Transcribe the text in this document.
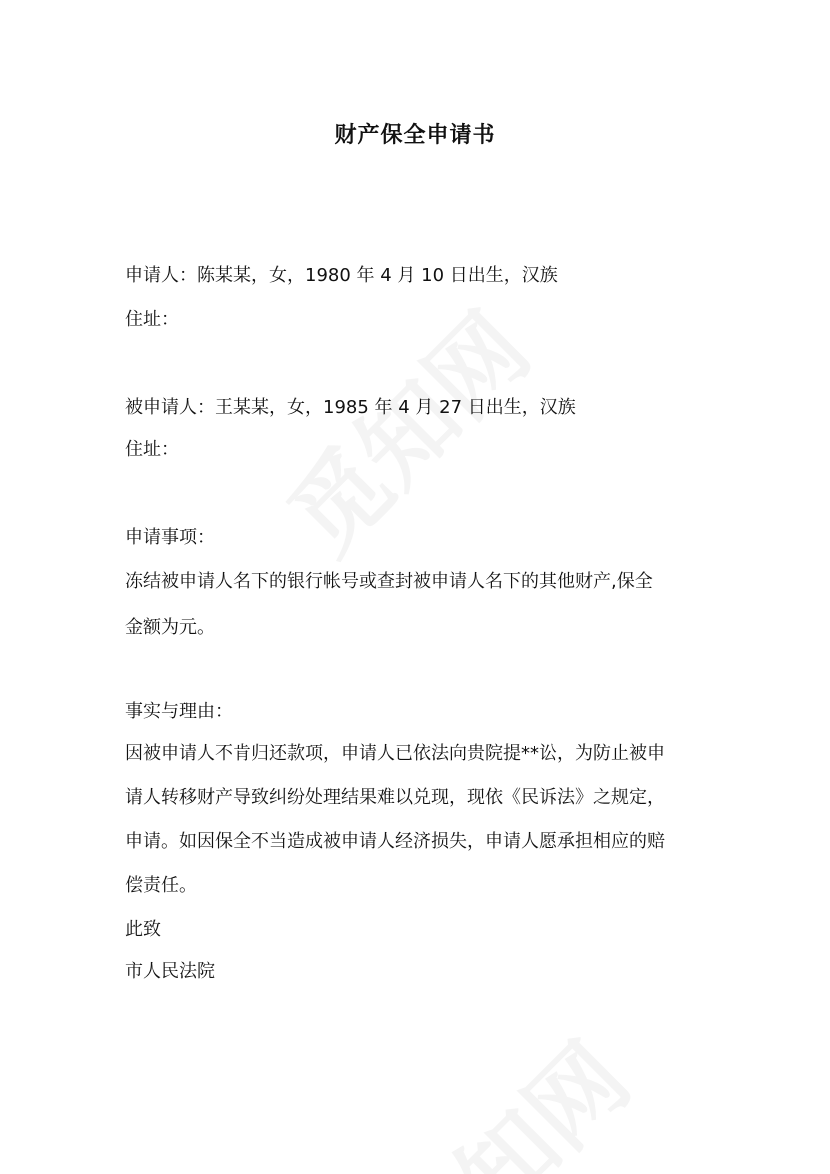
财产保全申请书
申请人：陈某某，女，1980 年 4 月 10 日出生，汉族
住址：
被申请人：王某某，女，1985 年 4 月 27 日出生，汉族
住址：
申请事项：
冻结被申请人名下的银行帐号或查封被申请人名下的其他财产,保全
金额为元。
事实与理由：
因被申请人不肯归还款项，申请人已依法向贵院提**讼，为防止被申
请人转移财产导致纠纷处理结果难以兑现，现依《民诉法》之规定，
申请。如因保全不当造成被申请人经济损失，申请人愿承担相应的赔
偿责任。
此致
市人民法院
